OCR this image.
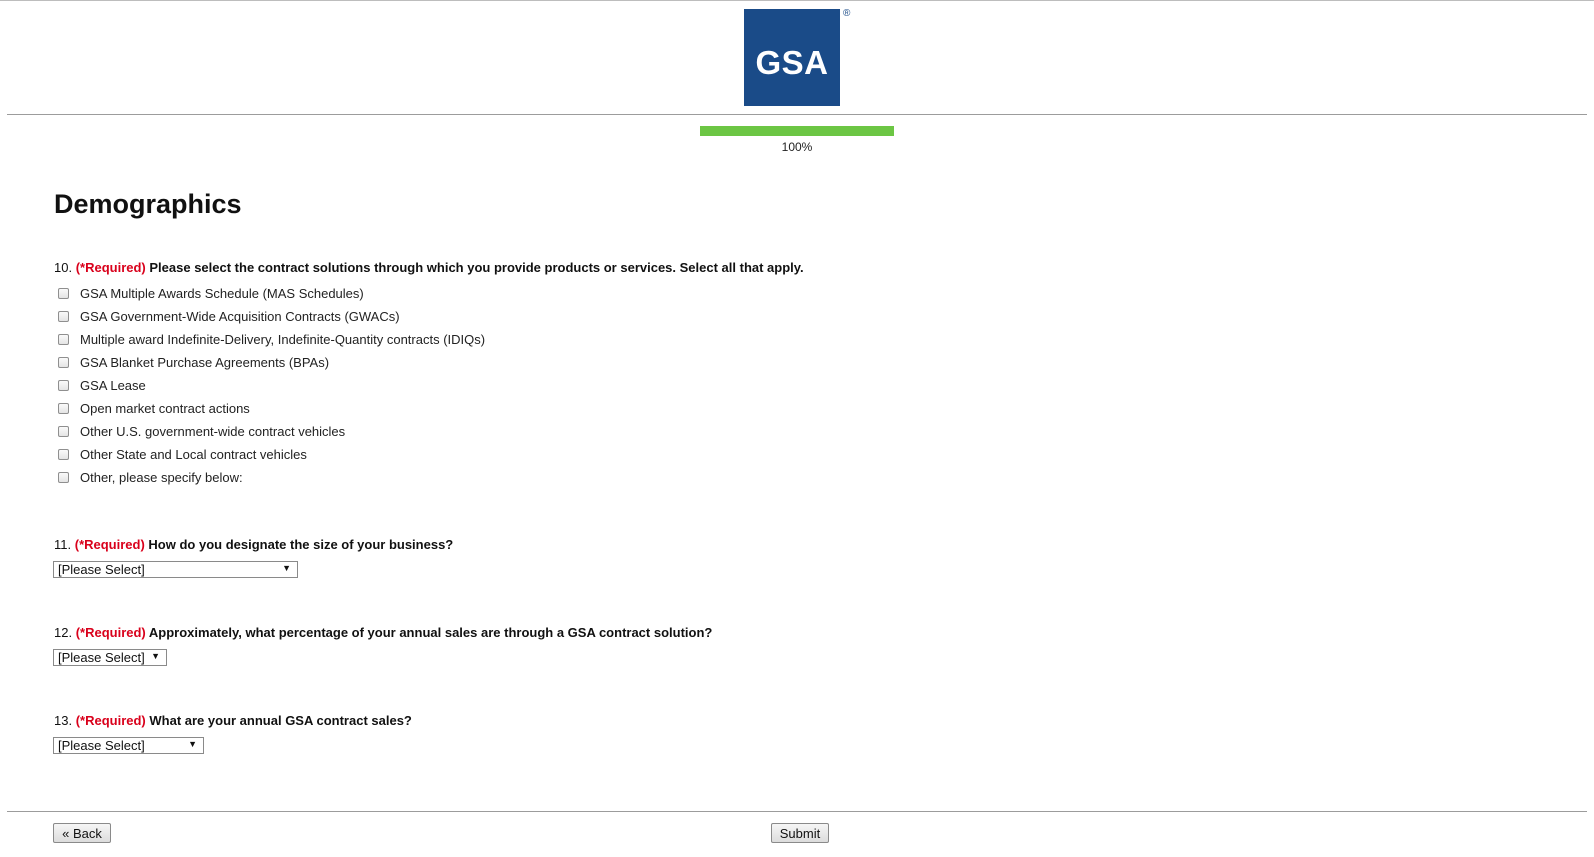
GSA
®
100%
Demographics
10. (*Required) Please select the contract solutions through which you provide products or services. Select all that apply.
GSA Multiple Awards Schedule (MAS Schedules)
GSA Government-Wide Acquisition Contracts (GWACs)
Multiple award Indefinite-Delivery, Indefinite-Quantity contracts (IDIQs)
GSA Blanket Purchase Agreements (BPAs)
GSA Lease
Open market contract actions
Other U.S. government-wide contract vehicles
Other State and Local contract vehicles
Other, please specify below:
11. (*Required) How do you designate the size of your business?
[Please Select]	▼
12. (*Required) Approximately, what percentage of your annual sales are through a GSA contract solution?
[Please Select] ▼
13. (*Required) What are your annual GSA contract sales?
[Please Select]	▼
« Back	Submit
